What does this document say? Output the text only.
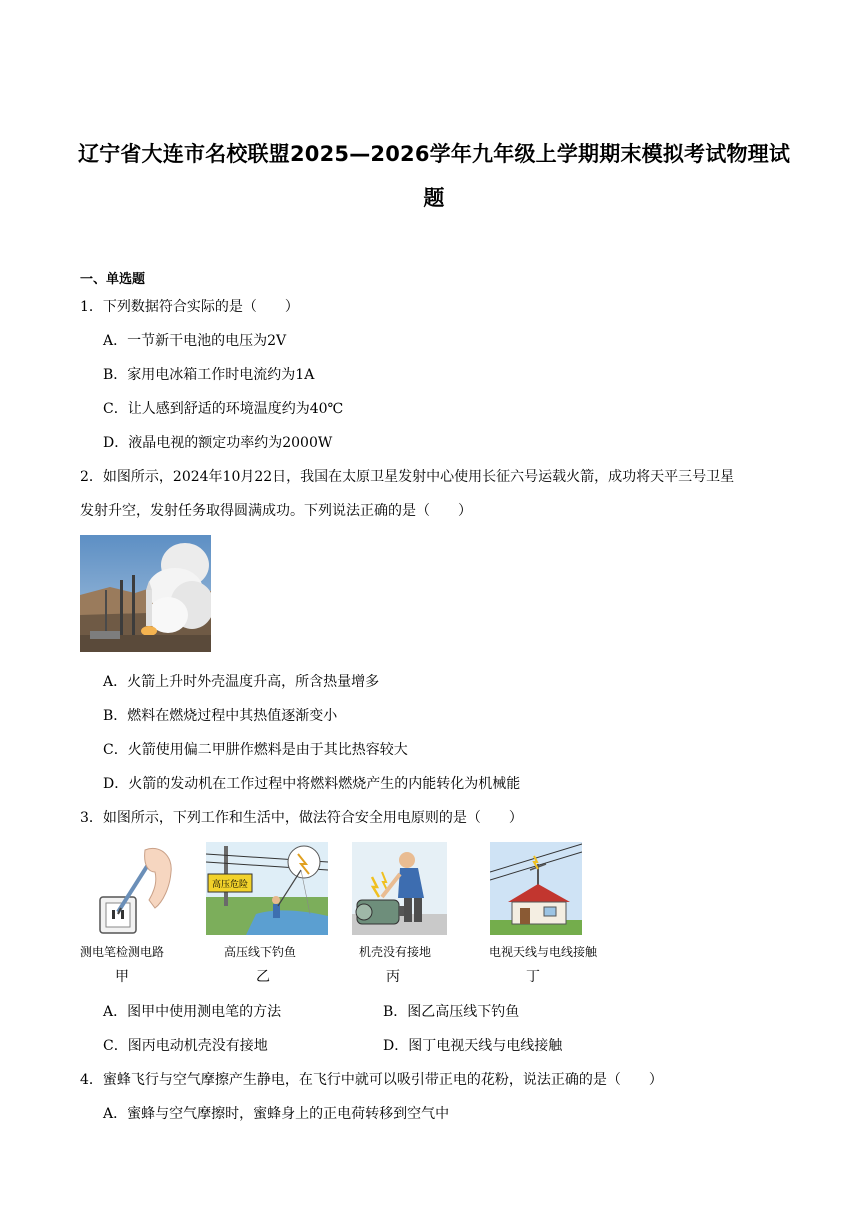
辽宁省大连市名校联盟2025—2026学年九年级上学期期末模拟考试物理试
题
一、单选题
1．下列数据符合实际的是（　　）
A．一节新干电池的电压为2V
B．家用电冰箱工作时电流约为1A
C．让人感到舒适的环境温度约为40℃
D．液晶电视的额定功率约为2000W
2．如图所示，2024年10月22日，我国在太原卫星发射中心使用长征六号运载火箭，成功将天平三号卫星
发射升空，发射任务取得圆满成功。下列说法正确的是（　　）
A．火箭上升时外壳温度升高，所含热量增多
B．燃料在燃烧过程中其热值逐渐变小
C．火箭使用偏二甲肼作燃料是由于其比热容较大
D．火箭的发动机在工作过程中将燃料燃烧产生的内能转化为机械能
3．如图所示，下列工作和生活中，做法符合安全用电原则的是（　　）
高压危险
测电笔检测电路	高压线下钓鱼	机壳没有接地	电视天线与电线接触
甲	乙	丙	丁
A．图甲中使用测电笔的方法	B．图乙高压线下钓鱼
C．图丙电动机壳没有接地	D．图丁电视天线与电线接触
4．蜜蜂飞行与空气摩擦产生静电，在飞行中就可以吸引带正电的花粉，说法正确的是（　　）
A．蜜蜂与空气摩擦时，蜜蜂身上的正电荷转移到空气中
